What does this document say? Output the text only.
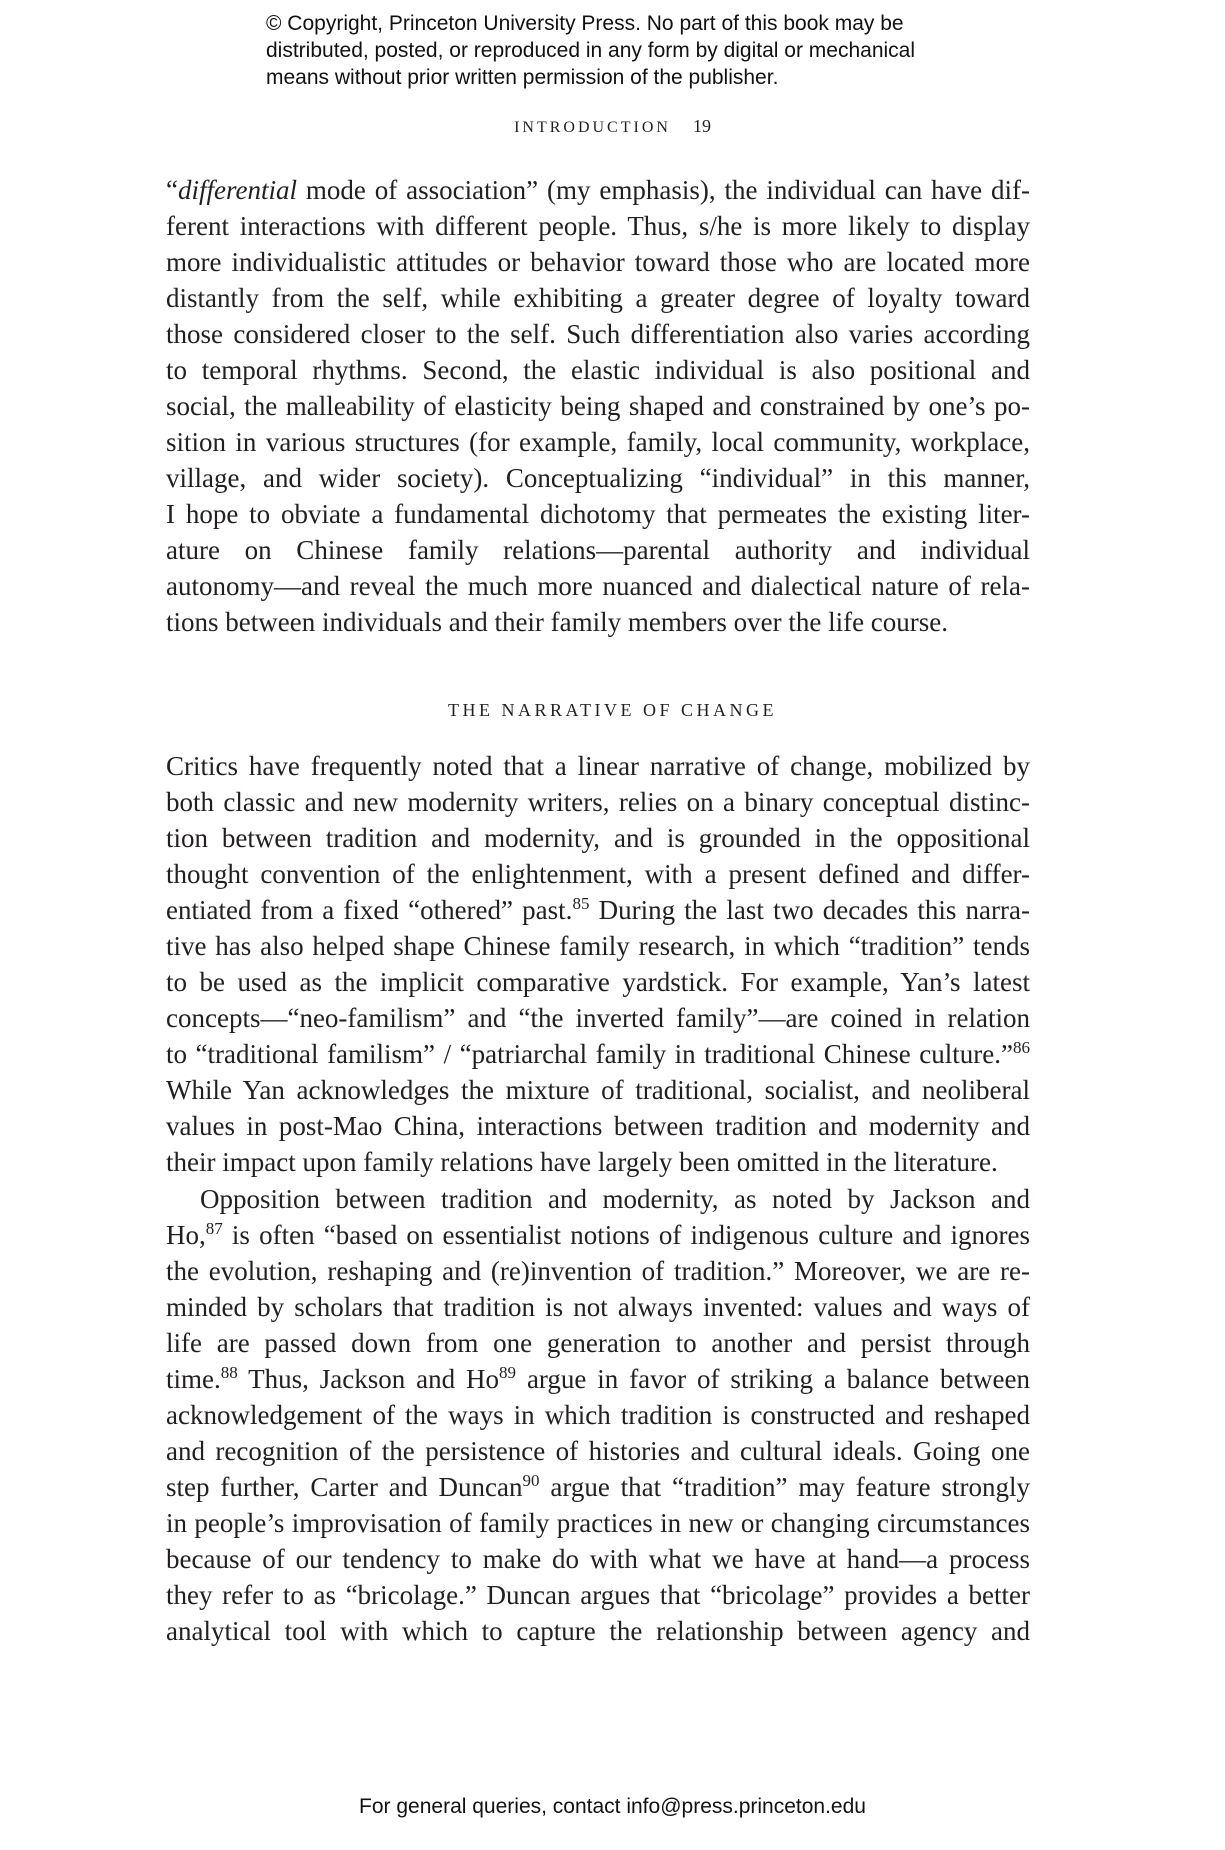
© Copyright, Princeton University Press. No part of this book may be
distributed, posted, or reproduced in any form by digital or mechanical
means without prior written permission of the publisher.
INTRODUCTION 19
“differential mode of association” (my emphasis), the individual can have dif-
ferent interactions with different people. Thus, s/he is more likely to display
more individualistic attitudes or behavior toward those who are located more
distantly from the self, while exhibiting a greater degree of loyalty toward
those considered closer to the self. Such differentiation also varies according
to temporal rhythms. Second, the elastic individual is also positional and
social, the malleability of elasticity being shaped and constrained by one’s po-
sition in various structures (for example, family, local community, workplace,
village, and wider society). Conceptualizing “individual” in this manner,
I hope to obviate a fundamental dichotomy that permeates the existing liter-
ature on Chinese family relations—parental authority and individual
autonomy—and reveal the much more nuanced and dialectical nature of rela-
tions between individuals and their family members over the life course.
THE NARRATIVE OF CHANGE
Critics have frequently noted that a linear narrative of change, mobilized by
both classic and new modernity writers, relies on a binary conceptual distinc-
tion between tradition and modernity, and is grounded in the oppositional
thought convention of the enlightenment, with a present defined and differ-
entiated from a fixed “othered” past.$^{85}$ During the last two decades this narra-
tive has also helped shape Chinese family research, in which “tradition” tends
to be used as the implicit comparative yardstick. For example, Yan’s latest
concepts—“neo-familism” and “the inverted family”—are coined in relation
to “traditional familism” / “patriarchal family in traditional Chinese culture.”$^{86}$
While Yan acknowledges the mixture of traditional, socialist, and neoliberal
values in post-Mao China, interactions between tradition and modernity and
their impact upon family relations have largely been omitted in the literature.
Opposition between tradition and modernity, as noted by Jackson and
Ho,$^{87}$ is often “based on essentialist notions of indigenous culture and ignores
the evolution, reshaping and (re)invention of tradition.” Moreover, we are re-
minded by scholars that tradition is not always invented: values and ways of
life are passed down from one generation to another and persist through
time.$^{88}$ Thus, Jackson and Ho$^{89}$ argue in favor of striking a balance between
acknowledgement of the ways in which tradition is constructed and reshaped
and recognition of the persistence of histories and cultural ideals. Going one
step further, Carter and Duncan$^{90}$ argue that “tradition” may feature strongly
in people’s improvisation of family practices in new or changing circumstances
because of our tendency to make do with what we have at hand—a process
they refer to as “bricolage.” Duncan argues that “bricolage” provides a better
analytical tool with which to capture the relationship between agency and
For general queries, contact info@press.princeton.edu
